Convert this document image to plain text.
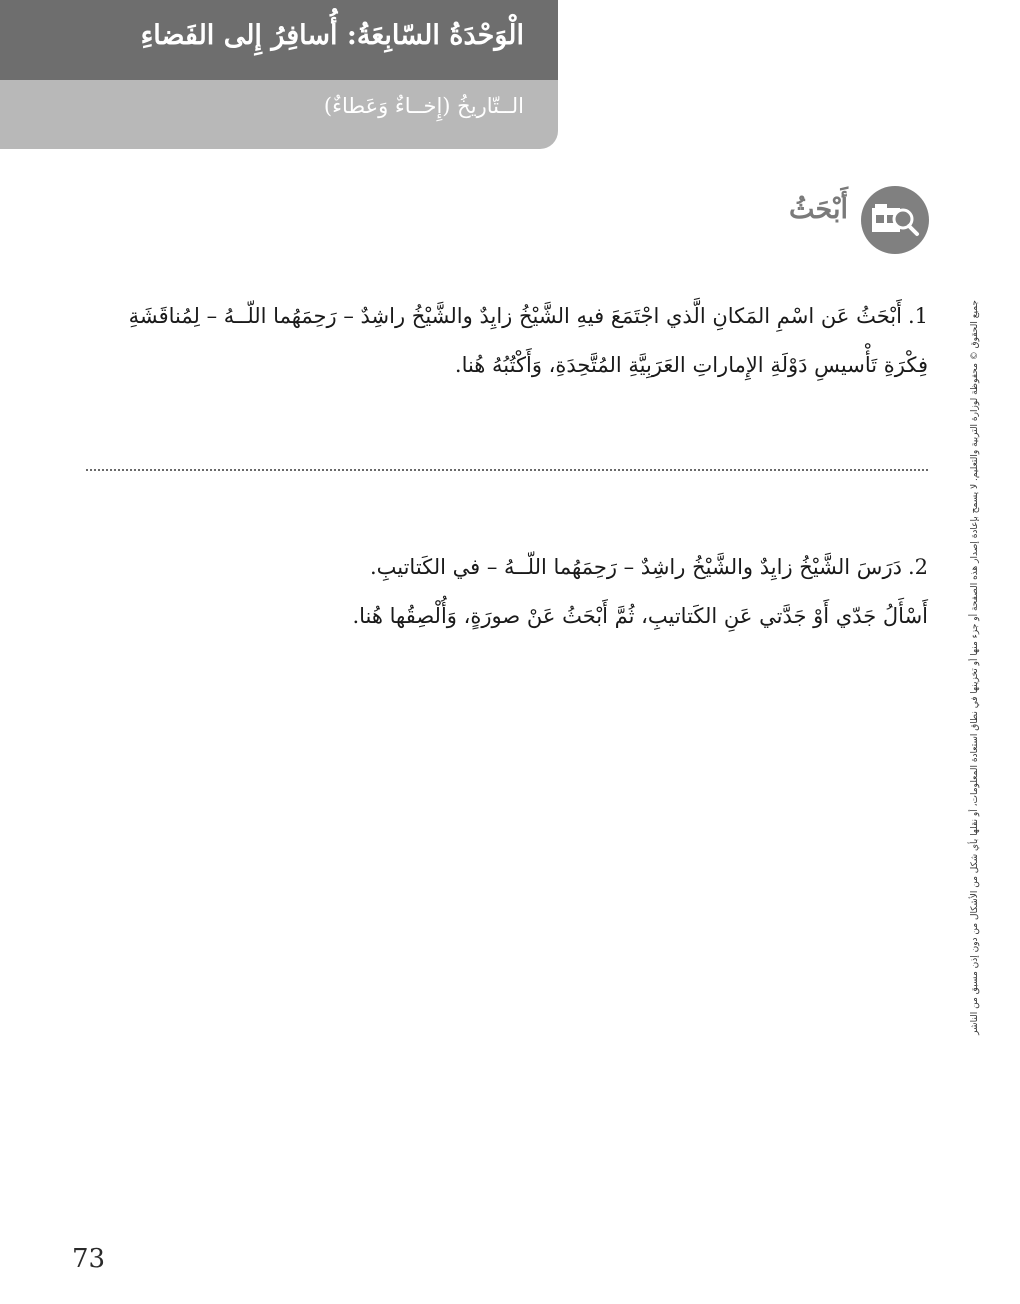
الْوَحْدَةُ السّابِعَةُ: أُسافِرُ إِلى الفَضاءِ
الــتّاريخُ (إِخــاءٌ وَعَطاءٌ)
أَبْحَثُ
1.أَبْحَثُ عَن اسْمِ المَكانِ الَّذي اجْتَمَعَ فيهِ الشَّيْخُ زايِدٌ والشَّيْخُ راشِدٌ – رَحِمَهُما اللّــهُ – لِمُناقَشَةِ
فِكْرَةِ تَأْسيسِ دَوْلَةِ الإِماراتِ العَرَبِيَّةِ المُتَّحِدَةِ، وَأَكْتُبُهُ هُنا.
2.دَرَسَ الشَّيْخُ زايِدٌ والشَّيْخُ راشِدٌ – رَحِمَهُما اللّــهُ – في الكَتاتيبِ.
أَسْأَلُ جَدّي أَوْ جَدَّتي عَنِ الكَتاتيبِ، ثُمَّ أَبْحَثُ عَنْ صورَةٍ، وَأُلْصِقُها هُنا.	جميع الحقوق © محفوظة لوزارة التربية والتعليم. لا يسمح بإعادة إصدار هذه الصفحة أو جزء منها أو تخزينها في نطاق استعادة المعلومات، أو نقلها بأي شكل من الأشكال من دون إذن مسبق من الناشر
73
